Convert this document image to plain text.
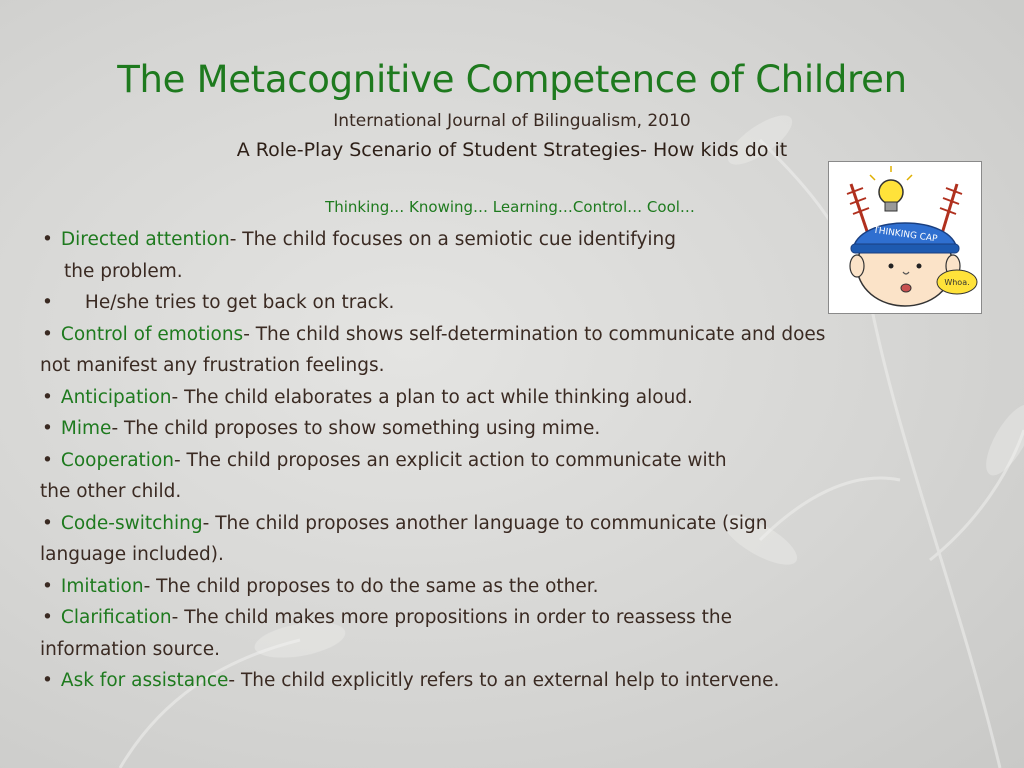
The Metacognitive Competence of Children
International Journal of Bilingualism, 2010
A Role-Play Scenario of Student Strategies- How kids do it
Thinking… Knowing… Learning…Control… Cool…
THINKING CAP
Whoa.
• Directed attention- The child focuses on a semiotic cue identifying
the problem.
• He/she tries to get back on track.
• Control of emotions- The child shows self-determination to communicate and does
not manifest any frustration feelings.
• Anticipation- The child elaborates a plan to act while thinking aloud.
• Mime- The child proposes to show something using mime.
• Cooperation- The child proposes an explicit action to communicate with
the other child.
• Code-switching- The child proposes another language to communicate (sign
language included).
• Imitation- The child proposes to do the same as the other.
• Clarification- The child makes more propositions in order to reassess the
information source.
• Ask for assistance- The child explicitly refers to an external help to intervene.
